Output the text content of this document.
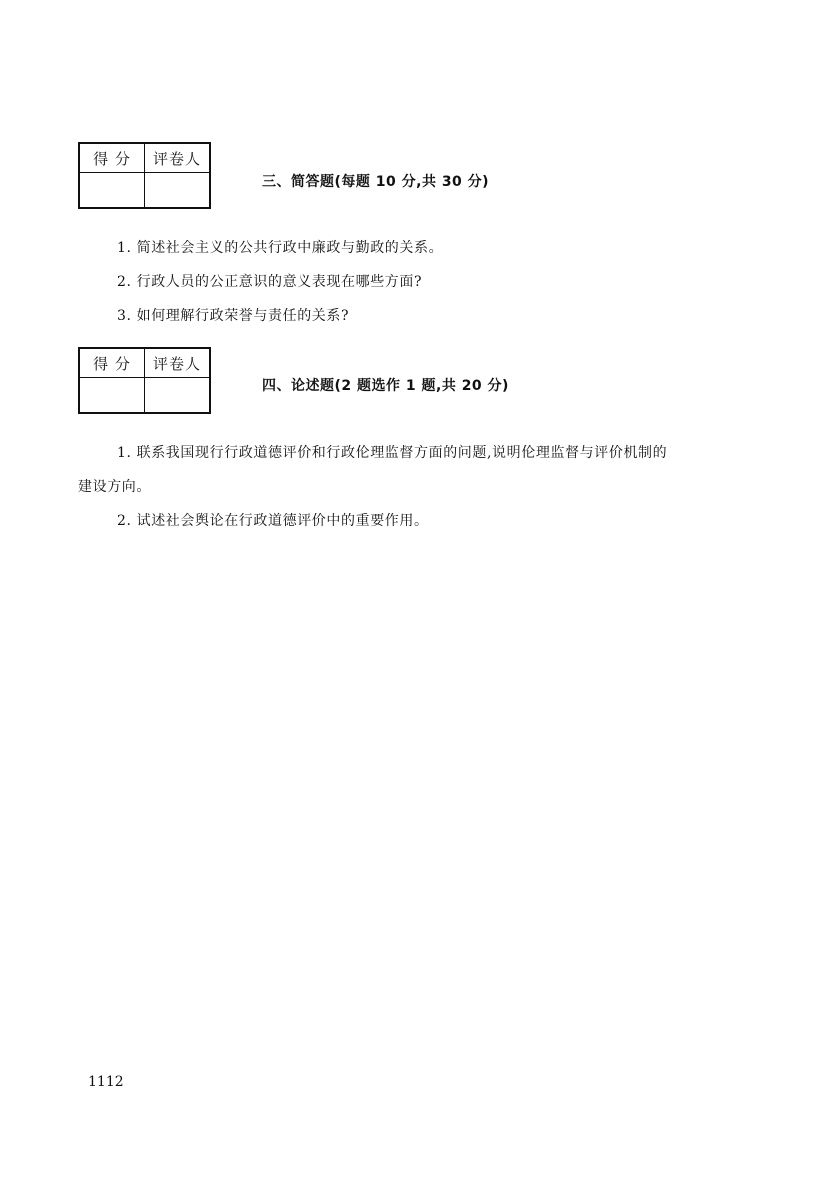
得 分	评卷人

三、简答题(每题 10 分,共 30 分)
1. 简述社会主义的公共行政中廉政与勤政的关系。
2. 行政人员的公正意识的意义表现在哪些方面?
3. 如何理解行政荣誉与责任的关系?
得 分	评卷人

四、论述题(2 题选作 1 题,共 20 分)
1. 联系我国现行行政道德评价和行政伦理监督方面的问题,说明伦理监督与评价机制的
建设方向。
2. 试述社会舆论在行政道德评价中的重要作用。
1112
